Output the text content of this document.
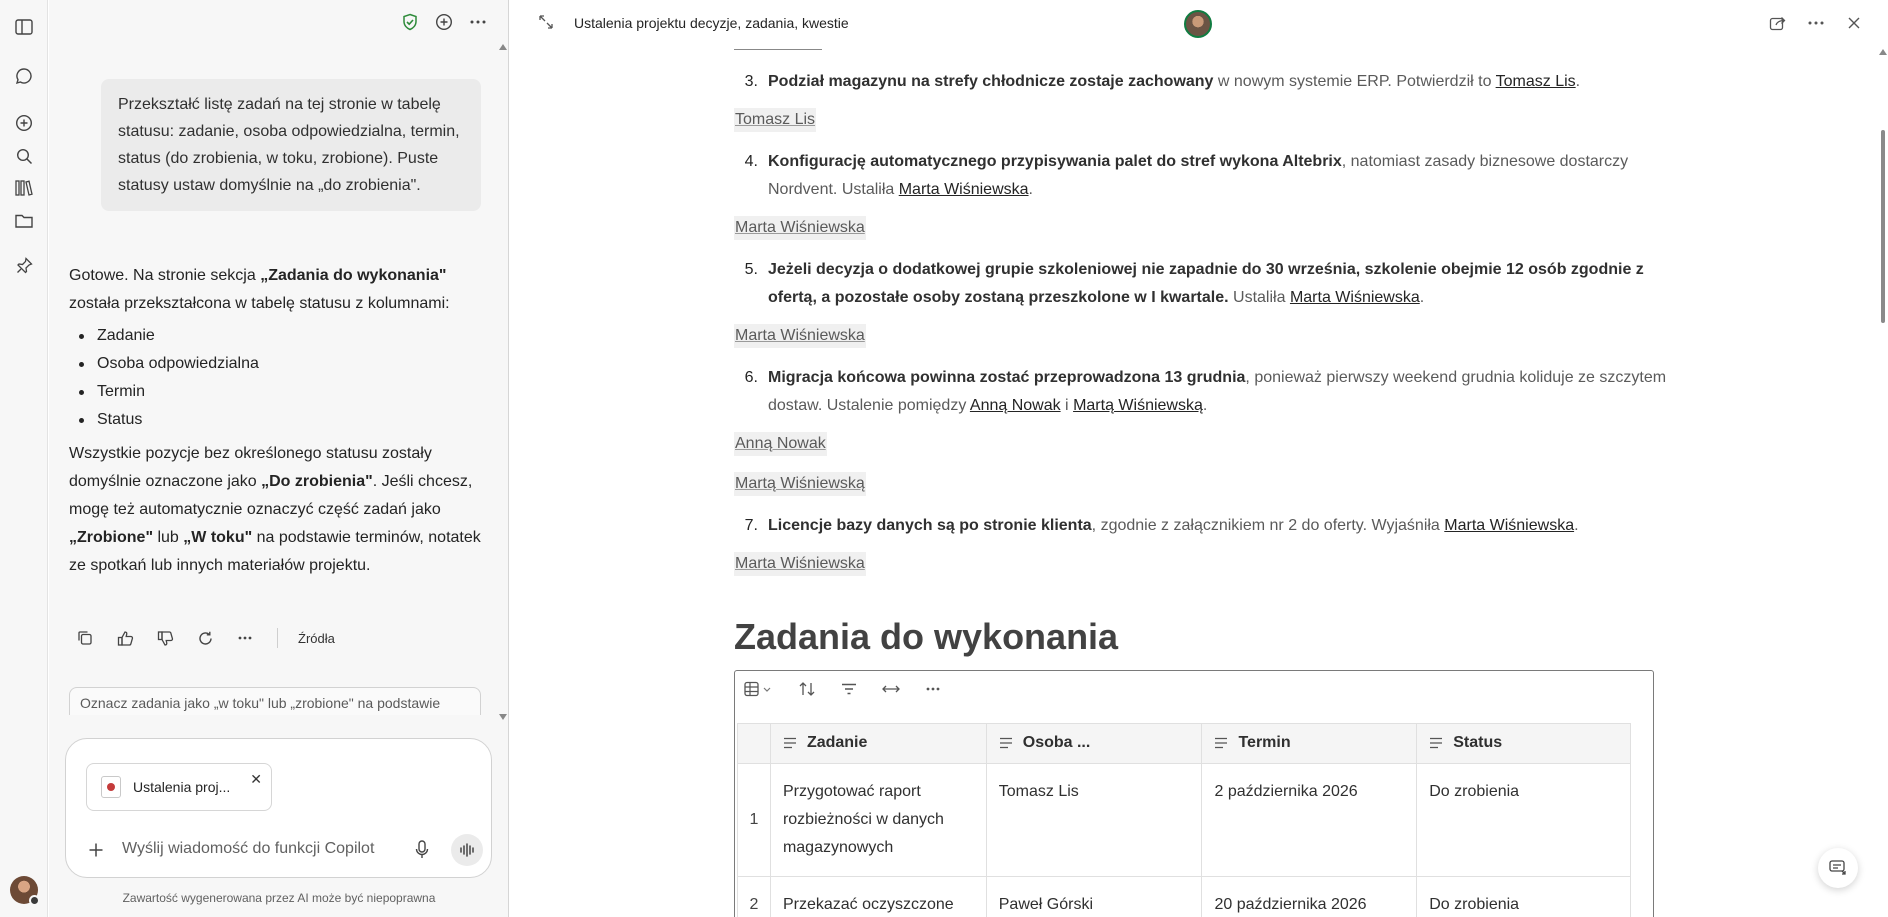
Przekształć listę zadań na tej stronie w tabelę statusu: zadanie, osoba odpowiedzialna, termin, status (do zrobienia, w toku, zrobione). Puste statusy ustaw domyślnie na „do zrobienia".

Gotowe. Na stronie sekcja „Zadania do wykonania" została przekształcona w tabelę statusu z kolumnami:

Zadanie
Osoba odpowiedzialna
Termin
Status

Wszystkie pozycje bez określonego statusu zostały domyślnie oznaczone jako „Do zrobienia". Jeśli chcesz, mogę też automatycznie oznaczyć część zadań jako „Zrobione" lub „W toku" na podstawie terminów, notatek ze spotkań lub innych materiałów projektu.

Źródła
Oznacz zadania jako „w toku" lub „zrobione" na podstawie
Ustalenia proj... ✕
Wyślij wiadomość do funkcji Copilot
Zawartość wygenerowana przez AI może być niepoprawna
Ustalenia projektu decyzje, zadania, kwestie
3. Podział magazynu na strefy chłodnicze zostaje zachowany w nowym systemie ERP. Potwierdził to Tomasz Lis.
Tomasz Lis
4. Konfigurację automatycznego przypisywania palet do stref wykona Altebrix, natomiast zasady biznesowe dostarczy Nordvent. Ustaliła Marta Wiśniewska.
Marta Wiśniewska
5. Jeżeli decyzja o dodatkowej grupie szkoleniowej nie zapadnie do 30 września, szkolenie obejmie 12 osób zgodnie z ofertą, a pozostałe osoby zostaną przeszkolone w I kwartale. Ustaliła Marta Wiśniewska.
Marta Wiśniewska
6. Migracja końcowa powinna zostać przeprowadzona 13 grudnia, ponieważ pierwszy weekend grudnia koliduje ze szczytem dostaw. Ustalenie pomiędzy Anną Nowak i Martą Wiśniewską.
Anną Nowak
Martą Wiśniewską
7. Licencje bazy danych są po stronie klienta, zgodnie z załącznikiem nr 2 do oferty. Wyjaśniła Marta Wiśniewska.
Marta Wiśniewska
Zadania do wykonania

	Zadanie	Osoba ...	Termin	Status

1	Przygotować raport rozbieżności w danych magazynowych	Tomasz Lis	2 października 2026	Do zrobienia
2	Przekazać oczyszczone	Paweł Górski	20 października 2026	Do zrobienia
